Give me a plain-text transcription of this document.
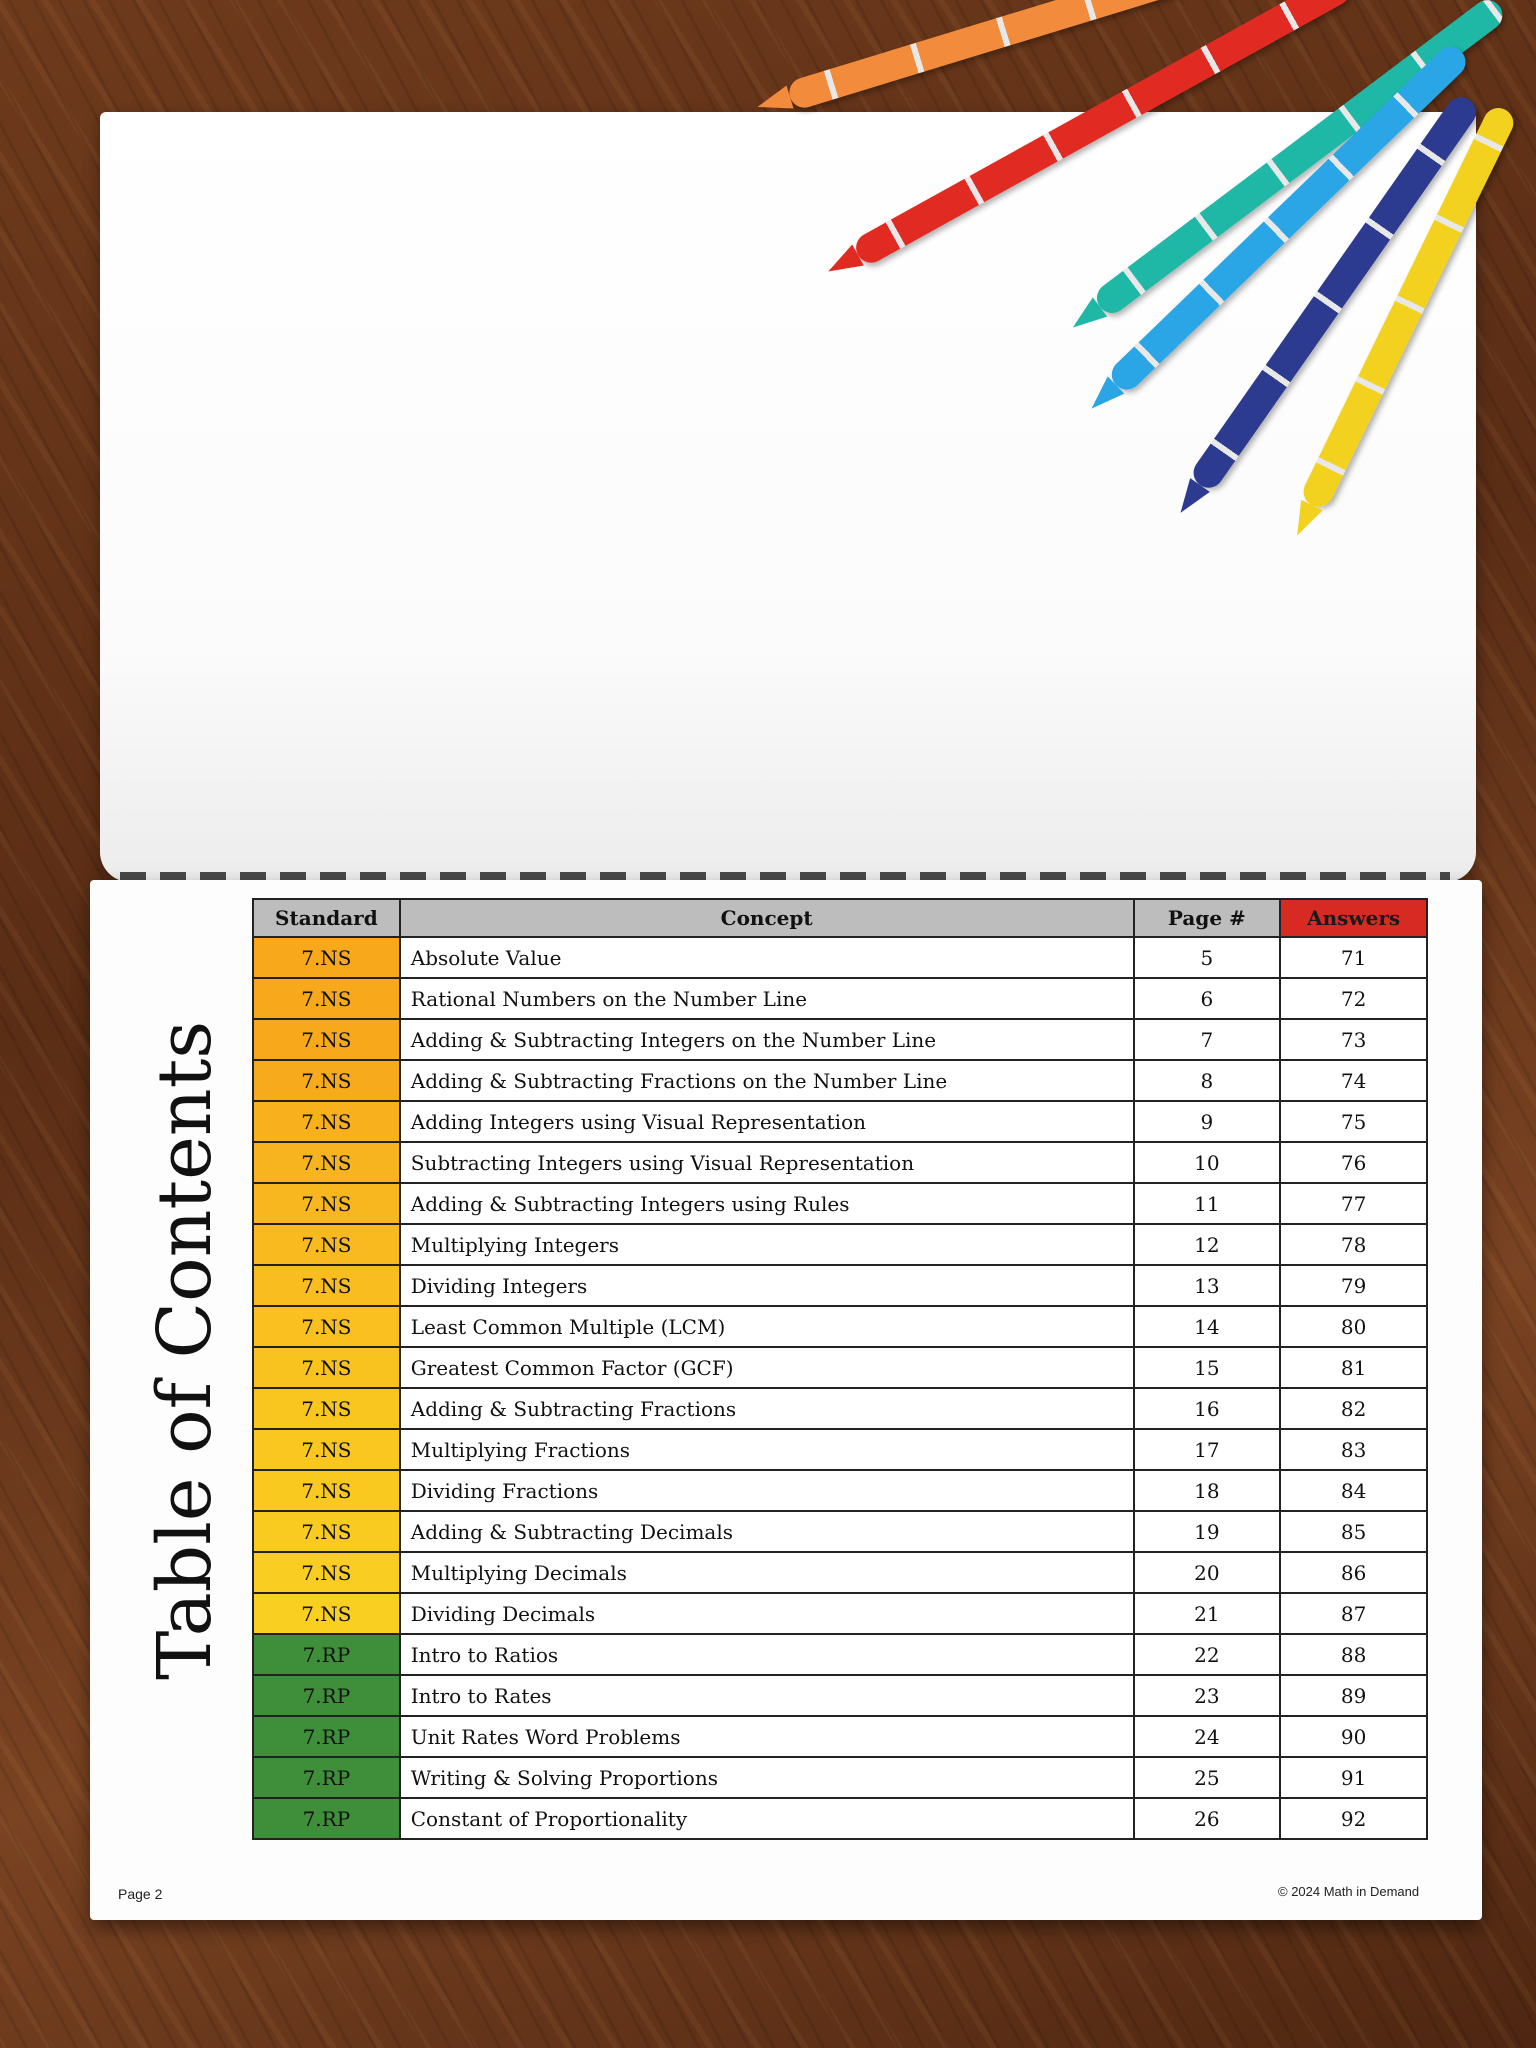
Table of Contents
Standard	Concept	Page #	Answers
7.NS	Absolute Value	5	71
7.NS	Rational Numbers on the Number Line	6	72
7.NS	Adding & Subtracting Integers on the Number Line	7	73
7.NS	Adding & Subtracting Fractions on the Number Line	8	74
7.NS	Adding Integers using Visual Representation	9	75
7.NS	Subtracting Integers using Visual Representation	10	76
7.NS	Adding & Subtracting Integers using Rules	11	77
7.NS	Multiplying Integers	12	78
7.NS	Dividing Integers	13	79
7.NS	Least Common Multiple (LCM)	14	80
7.NS	Greatest Common Factor (GCF)	15	81
7.NS	Adding & Subtracting Fractions	16	82
7.NS	Multiplying Fractions	17	83
7.NS	Dividing Fractions	18	84
7.NS	Adding & Subtracting Decimals	19	85
7.NS	Multiplying Decimals	20	86
7.NS	Dividing Decimals	21	87
7.RP	Intro to Ratios	22	88
7.RP	Intro to Rates	23	89
7.RP	Unit Rates Word Problems	24	90
7.RP	Writing & Solving Proportions	25	91
7.RP	Constant of Proportionality	26	92
Page 2	© 2024 Math in Demand
